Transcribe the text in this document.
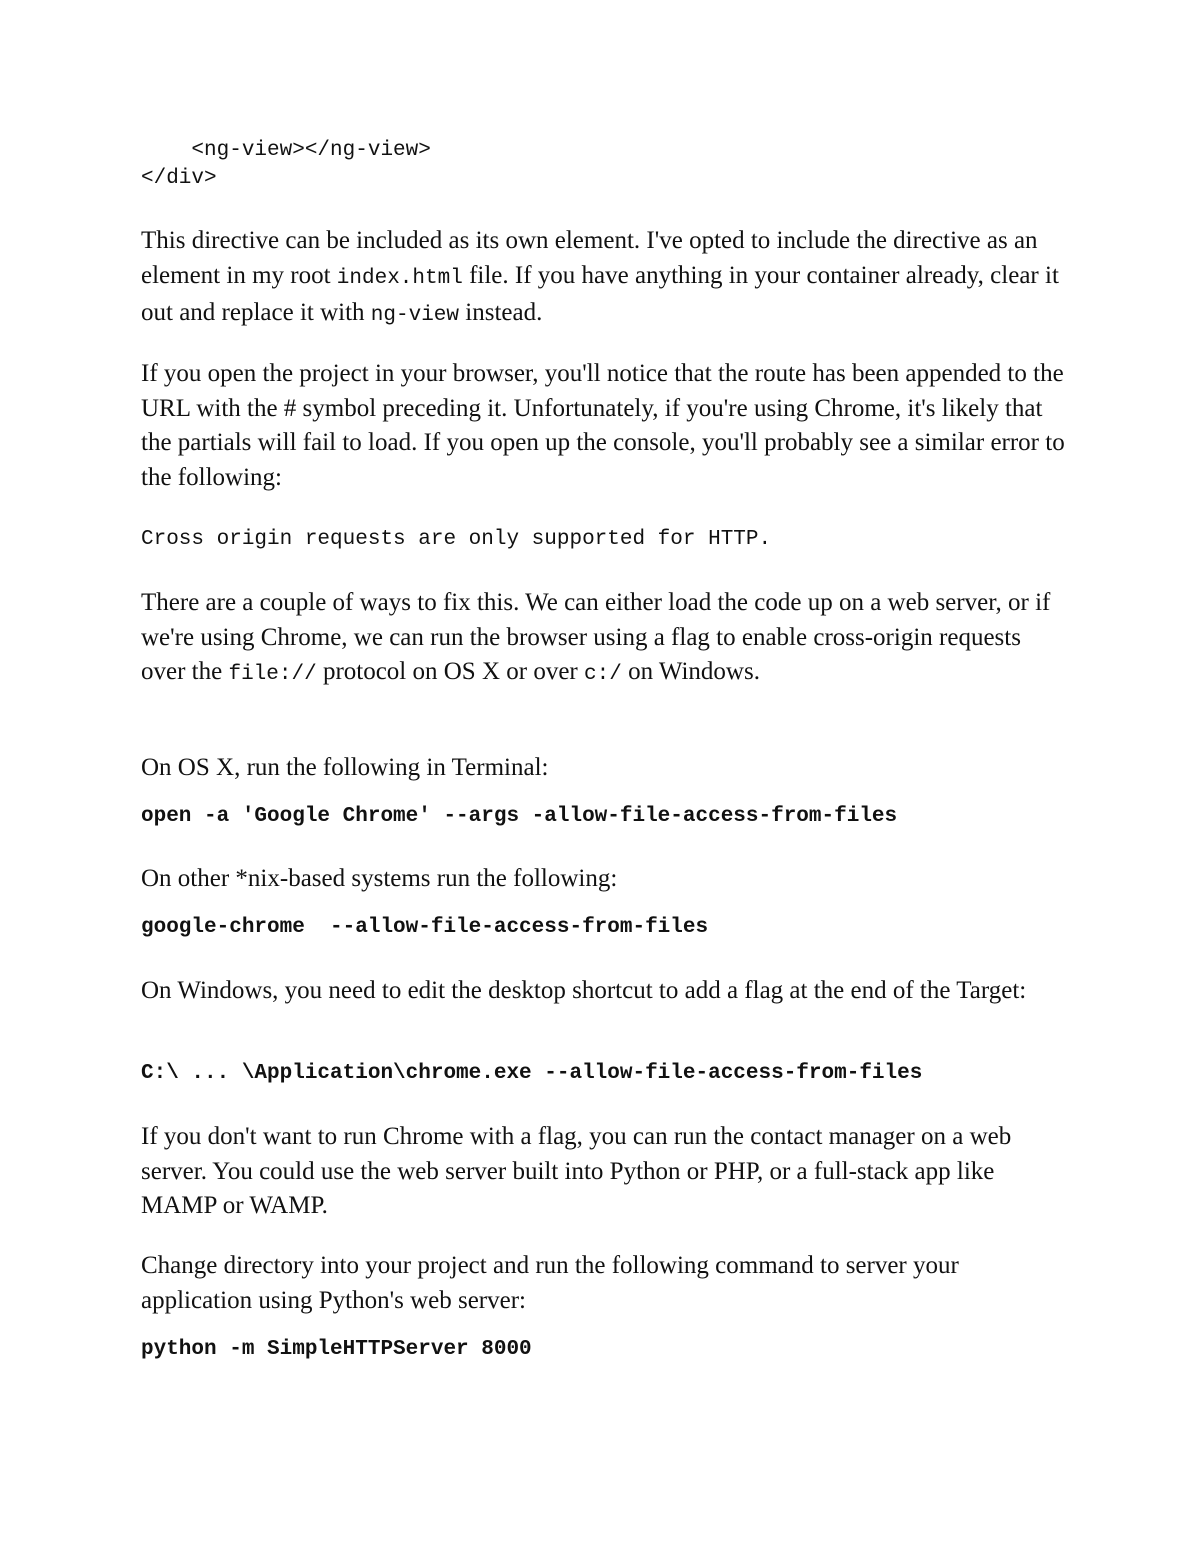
<ng-view></ng-view>
</div>

This directive can be included as its own element. I've opted to include the directive as an element in my root index.html file. If you have anything in your container already, clear it out and replace it with ng-view instead.

If you open the project in your browser, you'll notice that the route has been appended to the URL with the # symbol preceding it. Unfortunately, if you're using Chrome, it's likely that the partials will fail to load. If you open up the console, you'll probably see a similar error to the following:

Cross origin requests are only supported for HTTP.

There are a couple of ways to fix this. We can either load the code up on a web server, or if we're using Chrome, we can run the browser using a flag to enable cross-origin requests over the file:// protocol on OS X or over c:/ on Windows.

On OS X, run the following in Terminal:

open -a 'Google Chrome' --args -allow-file-access-from-files

On other *nix-based systems run the following:

google-chrome  --allow-file-access-from-files

On Windows, you need to edit the desktop shortcut to add a flag at the end of the Target:

C:\ ... \Application\chrome.exe --allow-file-access-from-files

If you don't want to run Chrome with a flag, you can run the contact manager on a web server. You could use the web server built into Python or PHP, or a full-stack app like MAMP or WAMP.

Change directory into your project and run the following command to server your application using Python's web server:

python -m SimpleHTTPServer 8000
